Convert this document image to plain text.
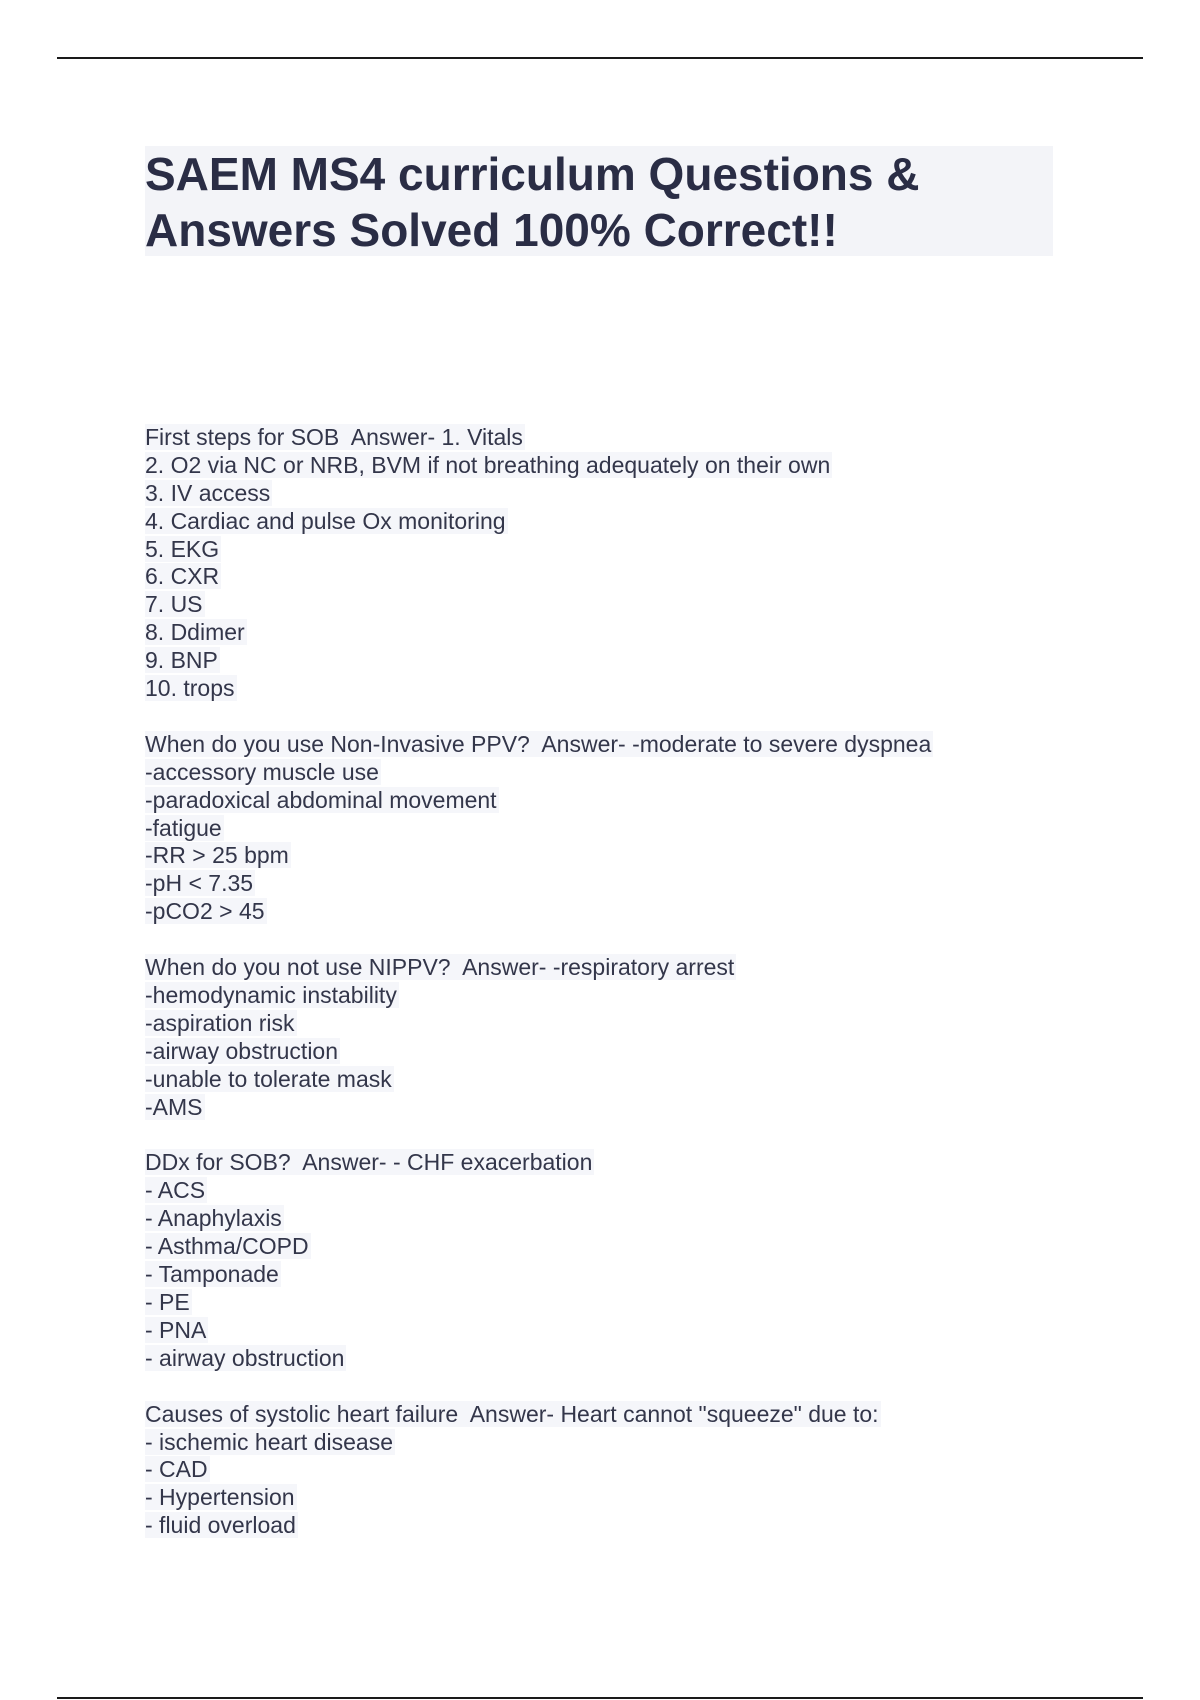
SAEM MS4 curriculum Questions &
Answers Solved 100% Correct!!
First steps for SOB  Answer- 1. Vitals
2. O2 via NC or NRB, BVM if not breathing adequately on their own
3. IV access
4. Cardiac and pulse Ox monitoring
5. EKG
6. CXR
7. US
8. Ddimer
9. BNP
10. trops
When do you use Non-Invasive PPV?  Answer- -moderate to severe dyspnea
-accessory muscle use
-paradoxical abdominal movement
-fatigue
-RR > 25 bpm
-pH < 7.35
-pCO2 > 45
When do you not use NIPPV?  Answer- -respiratory arrest
-hemodynamic instability
-aspiration risk
-airway obstruction
-unable to tolerate mask
-AMS
DDx for SOB?  Answer- - CHF exacerbation
- ACS
- Anaphylaxis
- Asthma/COPD
- Tamponade
- PE
- PNA
- airway obstruction
Causes of systolic heart failure  Answer- Heart cannot "squeeze" due to:
- ischemic heart disease
- CAD
- Hypertension
- fluid overload
